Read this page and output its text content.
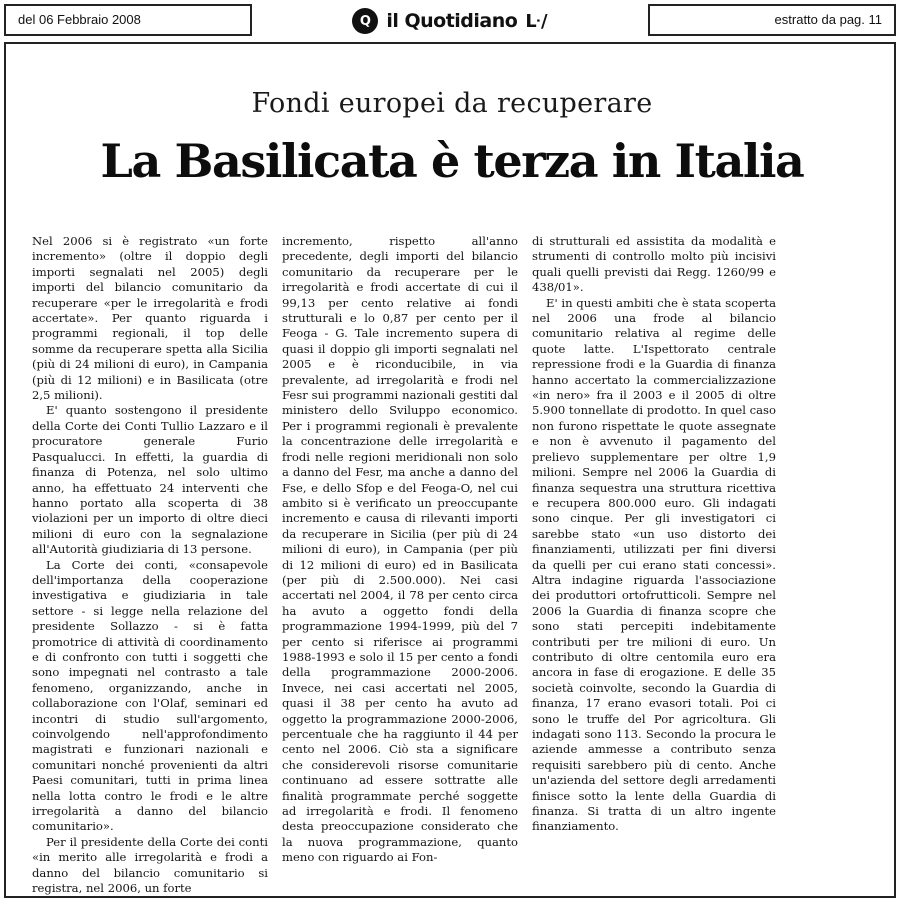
del 06 Febbraio 2008	Q il Quotidiano ᒷ/	estratto da pag. 11
Fondi europei da recuperare
La Basilicata è terza in Italia

Nel 2006 si è registrato «un forte incremento» (oltre il doppio degli importi segnalati nel 2005) degli importi del bilancio comunitario da recuperare «per le irregolarità e frodi accertate». Per quanto riguarda i programmi regionali, il top delle somme da recuperare spetta alla Sicilia (più di 24 milioni di euro), in Campania (più di 12 milioni) e in Basilicata (otre 2,5 milioni).

E' quanto sostengono il presidente della Corte dei Conti Tullio Lazzaro e il procuratore generale Furio Pasqualucci. In effetti, la guardia di finanza di Potenza, nel solo ultimo anno, ha effettuato 24 interventi che hanno portato alla scoperta di 38 violazioni per un importo di oltre dieci milioni di euro con la segnalazione all'Autorità giudiziaria di 13 persone.

La Corte dei conti, «consapevole dell'importanza della cooperazione investigativa e giudiziaria in tale settore - si legge nella relazione del presidente Sollazzo - si è fatta promotrice di attività di coordinamento e di confronto con tutti i soggetti che sono impegnati nel contrasto a tale fenomeno, organizzando, anche in collaborazione con l'Olaf, seminari ed incontri di studio sull'argomento, coinvolgendo nell'approfondimento magistrati e funzionari nazionali e comunitari nonché provenienti da altri Paesi comunitari, tutti in prima linea nella lotta contro le frodi e le altre irregolarità a danno del bilancio comunitario».

Per il presidente della Corte dei conti «in merito alle irregolarità e frodi a danno del bilancio comunitario si registra, nel 2006, un forte

incremento, rispetto all'anno precedente, degli importi del bilancio comunitario da recuperare per le irregolarità e frodi accertate di cui il 99,13 per cento relative ai fondi strutturali e lo 0,87 per cento per il Feoga - G. Tale incremento supera di quasi il doppio gli importi segnalati nel 2005 e è riconducibile, in via prevalente, ad irregolarità e frodi nel Fesr sui programmi nazionali gestiti dal ministero dello Sviluppo economico. Per i programmi regionali è prevalente la concentrazione delle irregolarità e frodi nelle regioni meridionali non solo a danno del Fesr, ma anche a danno del Fse, e dello Sfop e del Feoga-O, nel cui ambito si è verificato un preoccupante incremento e causa di rilevanti importi da recuperare in Sicilia (per più di 24 milioni di euro), in Campania (per più di 12 milioni di euro) ed in Basilicata (per più di 2.500.000). Nei casi accertati nel 2004, il 78 per cento circa ha avuto a oggetto fondi della programmazione 1994-1999, più del 7 per cento si riferisce ai programmi 1988-1993 e solo il 15 per cento a fondi della programmazione 2000-2006. Invece, nei casi accertati nel 2005, quasi il 38 per cento ha avuto ad oggetto la programmazione 2000-2006, percentuale che ha raggiunto il 44 per cento nel 2006. Ciò sta a significare che considerevoli risorse comunitarie continuano ad essere sottratte alle finalità programmate perché soggette ad irregolarità e frodi. Il fenomeno desta preoccupazione considerato che la nuova programmazione, quanto meno con riguardo ai Fon-

di strutturali ed assistita da modalità e strumenti di controllo molto più incisivi quali quelli previsti dai Regg. 1260/99 e 438/01».

E' in questi ambiti che è stata scoperta nel 2006 una frode al bilancio comunitario relativa al regime delle quote latte. L'Ispettorato centrale repressione frodi e la Guardia di finanza hanno accertato la commercializzazione «in nero» fra il 2003 e il 2005 di oltre 5.900 tonnellate di prodotto. In quel caso non furono rispettate le quote assegnate e non è avvenuto il pagamento del prelievo supplementare per oltre 1,9 milioni. Sempre nel 2006 la Guardia di finanza sequestra una struttura ricettiva e recupera 800.000 euro. Gli indagati sono cinque. Per gli investigatori ci sarebbe stato «un uso distorto dei finanziamenti, utilizzati per fini diversi da quelli per cui erano stati concessi». Altra indagine riguarda l'associazione dei produttori ortofrutticoli. Sempre nel 2006 la Guardia di finanza scopre che sono stati percepiti indebitamente contributi per tre milioni di euro. Un contributo di oltre centomila euro era ancora in fase di erogazione. E delle 35 società coinvolte, secondo la Guardia di finanza, 17 erano evasori totali. Poi ci sono le truffe del Por agricoltura. Gli indagati sono 113. Secondo la procura le aziende ammesse a contributo senza requisiti sarebbero più di cento. Anche un'azienda del settore degli arredamenti finisce sotto la lente della Guardia di finanza. Si tratta di un altro ingente finanziamento.
